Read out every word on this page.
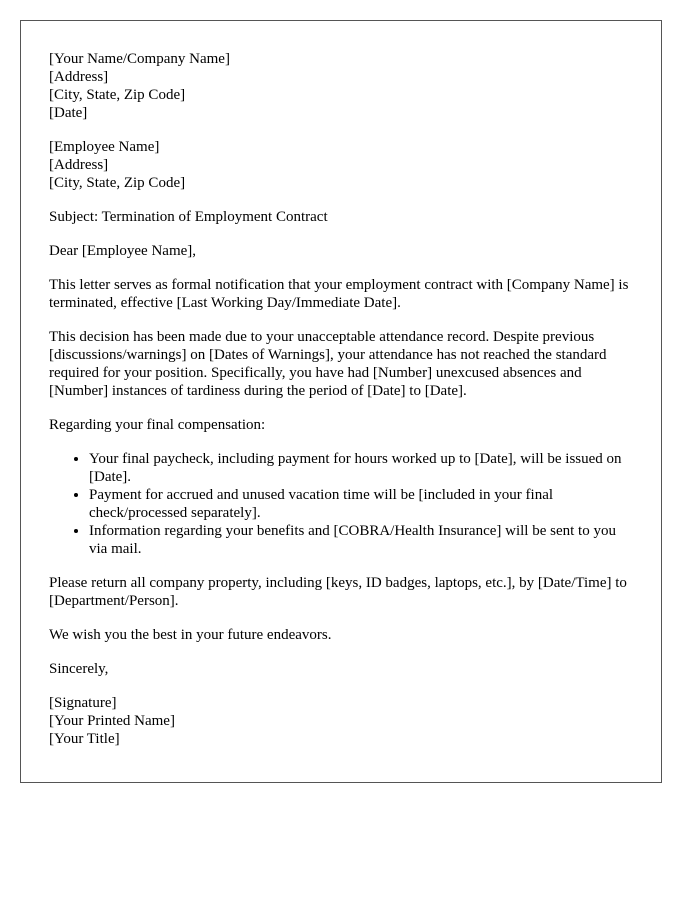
[Your Name/Company Name]

[Address]

[City, State, Zip Code]

[Date]

[Employee Name]

[Address]

[City, State, Zip Code]

Subject: Termination of Employment Contract

Dear [Employee Name],

This letter serves as formal notification that your employment contract with [Company Name] is terminated, effective [Last Working Day/Immediate Date].

This decision has been made due to your unacceptable attendance record. Despite previous [discussions/warnings] on [Dates of Warnings], your attendance has not reached the standard required for your position. Specifically, you have had [Number] unexcused absences and [Number] instances of tardiness during the period of [Date] to [Date].

Regarding your final compensation:

• Your final paycheck, including payment for hours worked up to [Date], will be issued on [Date].
• Payment for accrued and unused vacation time will be [included in your final check/processed separately].
• Information regarding your benefits and [COBRA/Health Insurance] will be sent to you via mail.

Please return all company property, including [keys, ID badges, laptops, etc.], by [Date/Time] to [Department/Person].

We wish you the best in your future endeavors.

Sincerely,

[Signature]

[Your Printed Name]

[Your Title]
